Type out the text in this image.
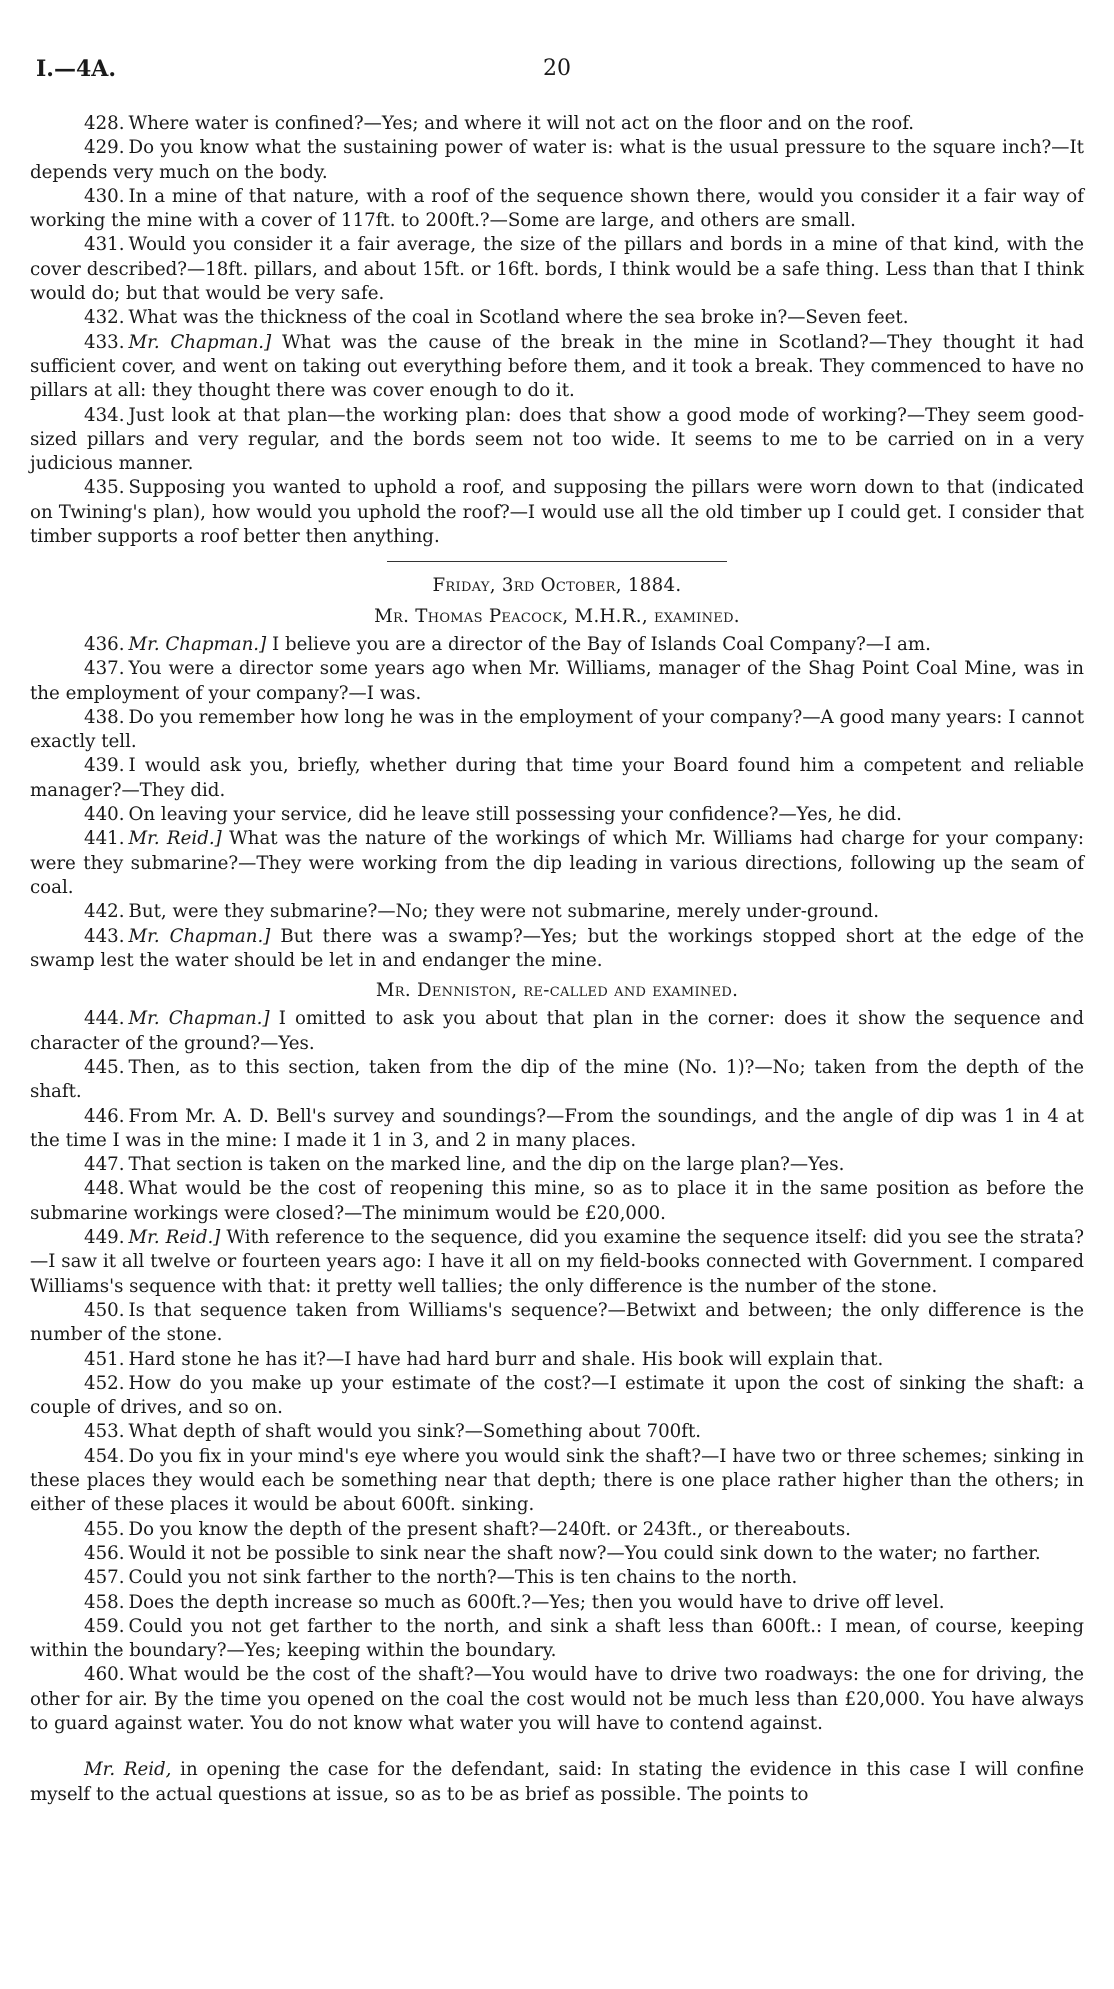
I.—4A.	20

428. Where water is confined?—Yes; and where it will not act on the floor and on the roof.

429. Do you know what the sustaining power of water is: what is the usual pressure to the square inch?—It depends very much on the body.

430. In a mine of that nature, with a roof of the sequence shown there, would you consider it a fair way of working the mine with a cover of 117ft. to 200ft.?—Some are large, and others are small.

431. Would you consider it a fair average, the size of the pillars and bords in a mine of that kind, with the cover described?—18ft. pillars, and about 15ft. or 16ft. bords, I think would be a safe thing. Less than that I think would do; but that would be very safe.

432. What was the thickness of the coal in Scotland where the sea broke in?—Seven feet.

433. Mr. Chapman.] What was the cause of the break in the mine in Scotland?—They thought it had sufficient cover, and went on taking out everything before them, and it took a break. They commenced to have no pillars at all: they thought there was cover enough to do it.

434. Just look at that plan—the working plan: does that show a good mode of working?—They seem good-sized pillars and very regular, and the bords seem not too wide. It seems to me to be carried on in a very judicious manner.

435. Supposing you wanted to uphold a roof, and supposing the pillars were worn down to that (indicated on Twining's plan), how would you uphold the roof?—I would use all the old timber up I could get. I consider that timber supports a roof better then anything.

Friday, 3rd October, 1884.

Mr. Thomas Peacock, M.H.R., examined.

436. Mr. Chapman.] I believe you are a director of the Bay of Islands Coal Company?—I am.

437. You were a director some years ago when Mr. Williams, manager of the Shag Point Coal Mine, was in the employment of your company?—I was.

438. Do you remember how long he was in the employment of your company?—A good many years: I cannot exactly tell.

439. I would ask you, briefly, whether during that time your Board found him a competent and reliable manager?—They did.

440. On leaving your service, did he leave still possessing your confidence?—Yes, he did.

441. Mr. Reid.] What was the nature of the workings of which Mr. Williams had charge for your company: were they submarine?—They were working from the dip leading in various directions, following up the seam of coal.

442. But, were they submarine?—No; they were not submarine, merely under-ground.

443. Mr. Chapman.] But there was a swamp?—Yes; but the workings stopped short at the edge of the swamp lest the water should be let in and endanger the mine.

Mr. Denniston, re-called and examined.

444. Mr. Chapman.] I omitted to ask you about that plan in the corner: does it show the sequence and character of the ground?—Yes.

445. Then, as to this section, taken from the dip of the mine (No. 1)?—No; taken from the depth of the shaft.

446. From Mr. A. D. Bell's survey and soundings?—From the soundings, and the angle of dip was 1 in 4 at the time I was in the mine: I made it 1 in 3, and 2 in many places.

447. That section is taken on the marked line, and the dip on the large plan?—Yes.

448. What would be the cost of reopening this mine, so as to place it in the same position as before the submarine workings were closed?—The minimum would be £20,000.

449. Mr. Reid.] With reference to the sequence, did you examine the sequence itself: did you see the strata?—I saw it all twelve or fourteen years ago: I have it all on my field-books connected with Government. I compared Williams's sequence with that: it pretty well tallies; the only difference is the number of the stone.

450. Is that sequence taken from Williams's sequence?—Betwixt and between; the only difference is the number of the stone.

451. Hard stone he has it?—I have had hard burr and shale. His book will explain that.

452. How do you make up your estimate of the cost?—I estimate it upon the cost of sinking the shaft: a couple of drives, and so on.

453. What depth of shaft would you sink?—Something about 700ft.

454. Do you fix in your mind's eye where you would sink the shaft?—I have two or three schemes; sinking in these places they would each be something near that depth; there is one place rather higher than the others; in either of these places it would be about 600ft. sinking.

455. Do you know the depth of the present shaft?—240ft. or 243ft., or thereabouts.

456. Would it not be possible to sink near the shaft now?—You could sink down to the water; no farther.

457. Could you not sink farther to the north?—This is ten chains to the north.

458. Does the depth increase so much as 600ft.?—Yes; then you would have to drive off level.

459. Could you not get farther to the north, and sink a shaft less than 600ft.: I mean, of course, keeping within the boundary?—Yes; keeping within the boundary.

460. What would be the cost of the shaft?—You would have to drive two roadways: the one for driving, the other for air. By the time you opened on the coal the cost would not be much less than £20,000. You have always to guard against water. You do not know what water you will have to contend against.

Mr. Reid, in opening the case for the defendant, said: In stating the evidence in this case I will confine myself to the actual questions at issue, so as to be as brief as possible. The points to
